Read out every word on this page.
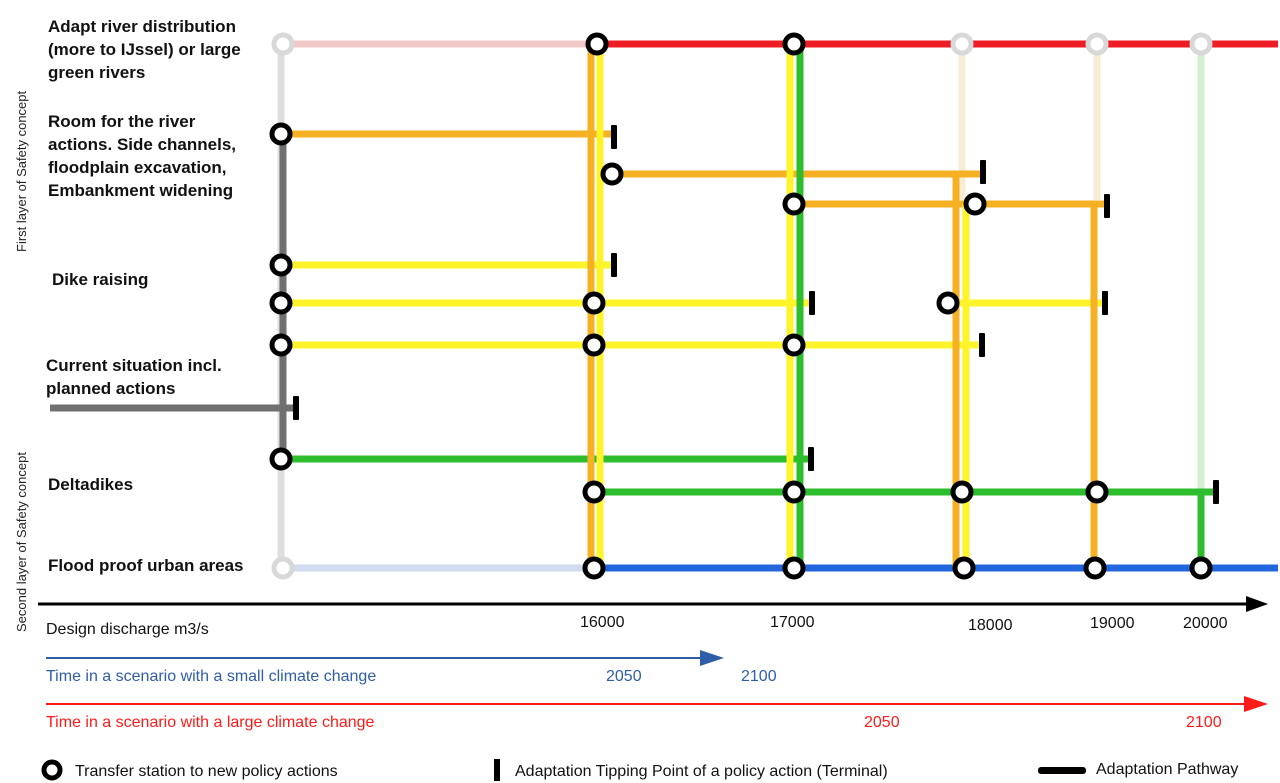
Adapt river distribution
(more to IJssel) or large
green rivers
Room for the river
actions. Side channels,
floodplain excavation,
Embankment widening
Dike raising
Current situation incl.
planned actions
Deltadikes
Flood proof urban areas
First layer of Safety concept
Second layer of Safety concept Design discharge m3/s	16000	17000	18000	19000	20000
Time in a scenario with a small climate change	2050	2100
Time in a scenario with a large climate change	2050	2100
Transfer station to new policy actions	Adaptation Tipping Point of a policy action (Terminal)	Adaptation Pathway
